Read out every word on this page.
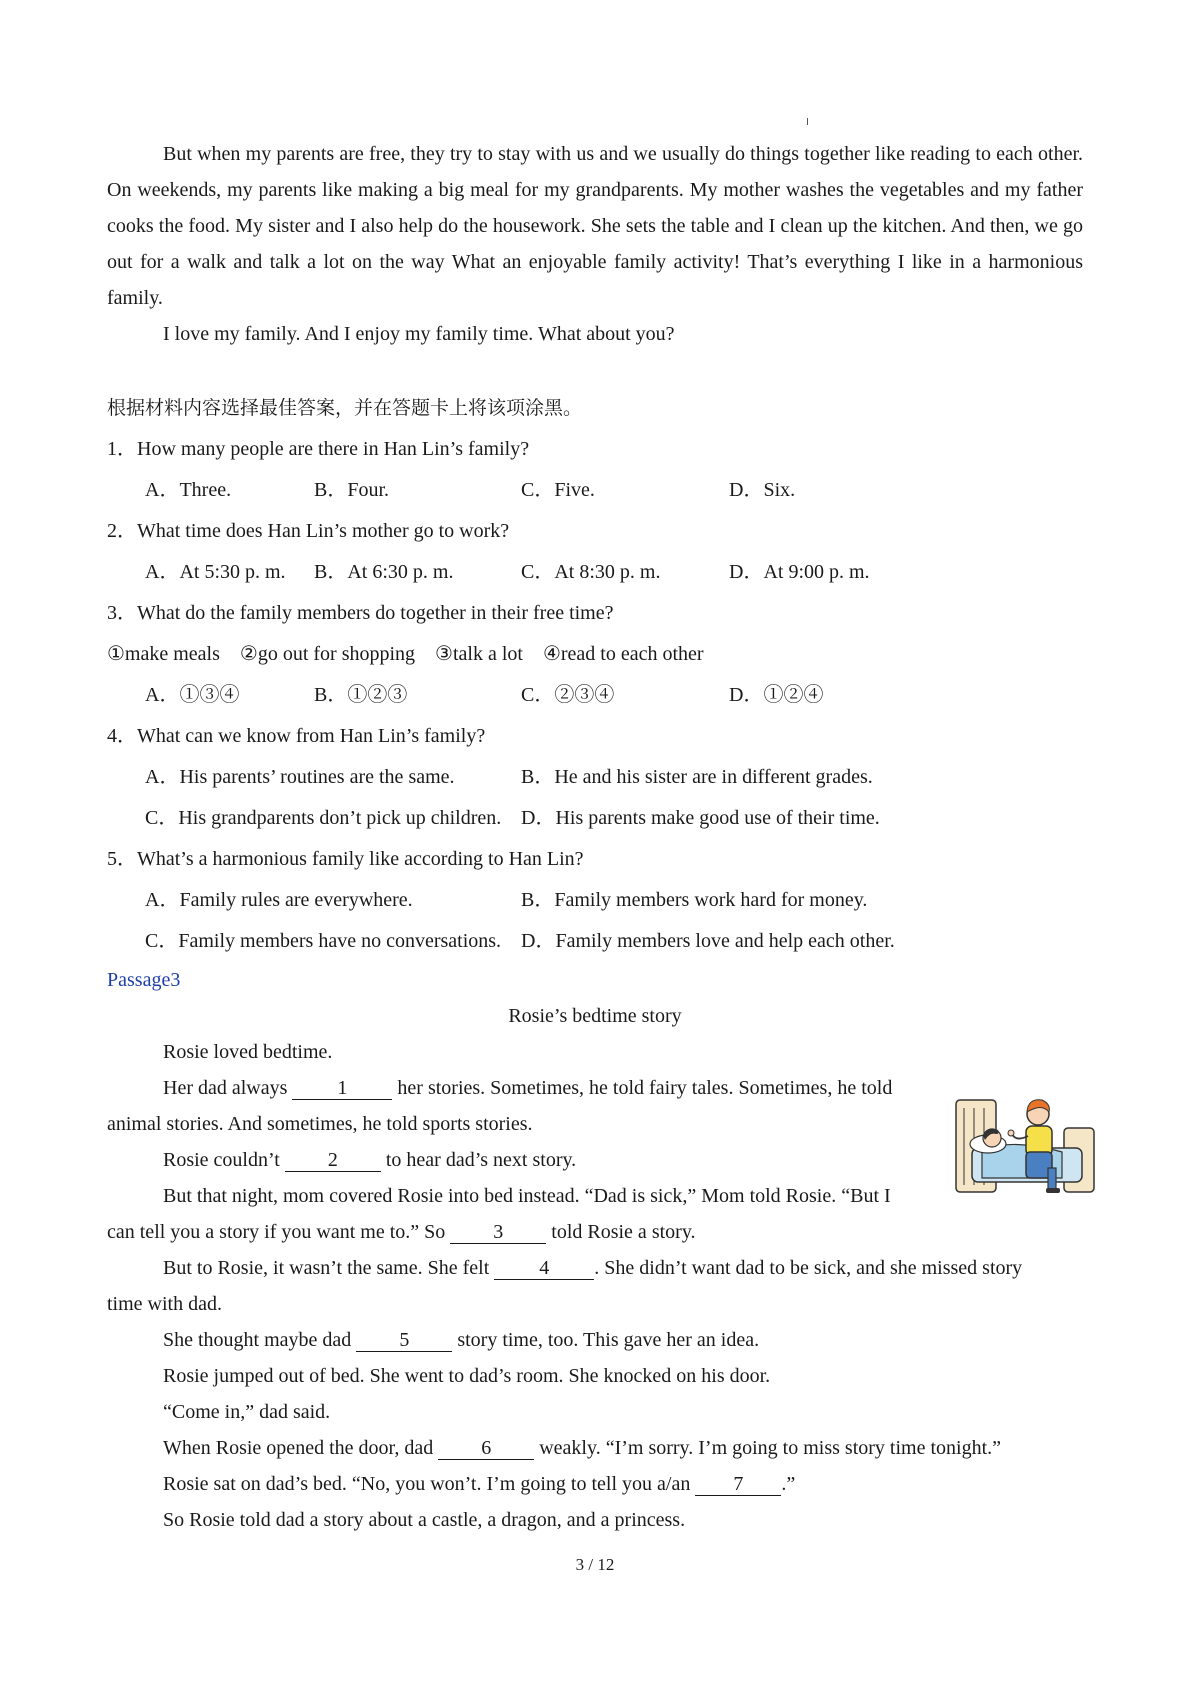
But when my parents are free, they try to stay with us and we usually do things together like reading to each other. On weekends, my parents like making a big meal for my grandparents. My mother washes the vegetables and my father cooks the food. My sister and I also help do the housework. She sets the table and I clean up the kitchen. And then, we go out for a walk and talk a lot on the way What an enjoyable family activity! That’s everything I like in a harmonious family.

I love my family. And I enjoy my family time. What about you?

根据材料内容选择最佳答案，并在答题卡上将该项涂黑。

1．How many people are there in Han Lin’s family?

A．Three.	B．Four.	C．Five.	D．Six.

2．What time does Han Lin’s mother go to work?

A．At 5:30 p. m. B．At 6:30 p. m.	C．At 8:30 p. m.	D．At 9:00 p. m.

3．What do the family members do together in their free time?

①make meals　②go out for shopping　③talk a lot　④read to each other

A．①③④	B．①②③	C．②③④	D．①②④

4．What can we know from Han Lin’s family?

A．His parents’ routines are the same.	B．He and his sister are in different grades.
C．His grandparents don’t pick up children. D．His parents make good use of their time.

5．What’s a harmonious family like according to Han Lin?

A．Family rules are everywhere.	B．Family members work hard for money.
C．Family members have no conversations. D．Family members love and help each other.

Passage3

Rosie’s bedtime story

Rosie loved bedtime.

Her dad always 1 her stories. Sometimes, he told fairy tales. Sometimes, he told

animal stories. And sometimes, he told sports stories.

Rosie couldn’t 2 to hear dad’s next story.

But that night, mom covered Rosie into bed instead. “Dad is sick,” Mom told Rosie. “But I

can tell you a story if you want me to.” So 3 told Rosie a story.

But to Rosie, it wasn’t the same. She felt 4 . She didn’t want dad to be sick, and she missed story

time with dad.

She thought maybe dad 5 story time, too. This gave her an idea.

Rosie jumped out of bed. She went to dad’s room. She knocked on his door.

“Come in,” dad said.

When Rosie opened the door, dad 6 weakly. “I’m sorry. I’m going to miss story time tonight.”

Rosie sat on dad’s bed. “No, you won’t. I’m going to tell you a/an 7 .”

So Rosie told dad a story about a castle, a dragon, and a princess.

3 / 12
